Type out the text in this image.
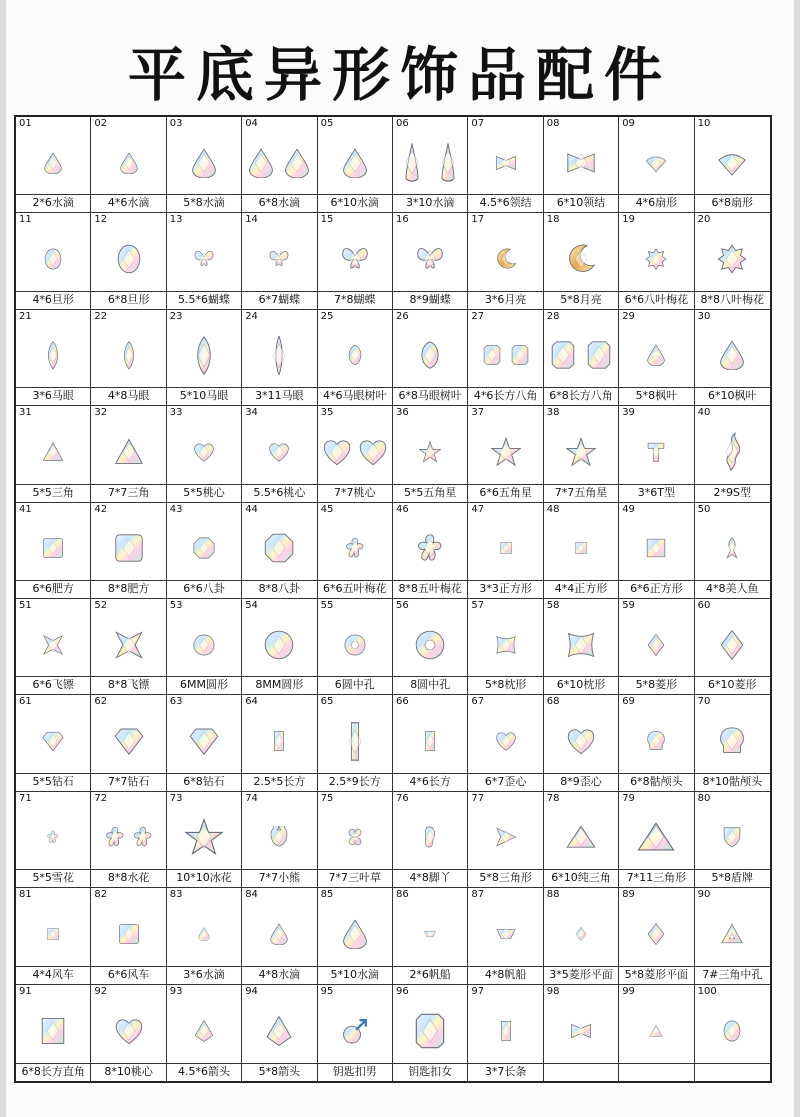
平底异形饰品配件
01
2*6水滴
02
4*6水滴
03
5*8水滴
04
6*8水滴
05
6*10水滴
06
3*10水滴
07
4.5*6领结
08
6*10领结
09
4*6扇形
10
6*8扇形
11
4*6旦形
12
6*8旦形
13
5.5*6蝴蝶
14
6*7蝴蝶
15
7*8蝴蝶
16
8*9蝴蝶
17
3*6月亮
18
5*8月亮
19
6*6八叶梅花
20
8*8八叶梅花
21
3*6马眼
22
4*8马眼
23
5*10马眼
24
3*11马眼
25
4*6马眼树叶
26
6*8马眼树叶
27
4*6长方八角
28
6*8长方八角
29
5*8枫叶
30
6*10枫叶
31
5*5三角
32
7*7三角
33
5*5桃心
34
5.5*6桃心
35
7*7桃心
36
5*5五角星
37
6*6五角星
38
7*7五角星
39
3*6T型
40
2*9S型
41
6*6肥方
42
8*8肥方
43
6*6八卦
44
8*8八卦
45
6*6五叶梅花
46
8*8五叶梅花
47
3*3正方形
48
4*4正方形
49
6*6正方形
50
4*8美人鱼
51
6*6飞镖
52
8*8飞镖
53
6MM圆形
54
8MM圆形
55
6圆中孔
56
8圆中孔
57
5*8枕形
58
6*10枕形
59
5*8菱形
60
6*10菱形
61
5*5钻石
62
7*7钻石
63
6*8钻石
64
2.5*5长方
65
2.5*9长方
66
4*6长方
67
6*7歪心
68
8*9歪心
69
6*8骷颅头
70
8*10骷颅头
71
5*5雪花
72
8*8水花
73
10*10冰花
74
7*7小熊
75
7*7三叶草
76
4*8脚丫
77
5*8三角形
78
6*10纯三角
79
7*11三角形
80
5*8盾牌
81
4*4风车
82
6*6风车
83
3*6水滴
84
4*8水滴
85
5*10水滴
86
2*6帆船
87
4*8帆船
88
3*5菱形平面
89
5*8菱形平面
90
7#三角中孔
91
6*8长方直角
92
8*10桃心
93
4.5*6箭头
94
5*8箭头
95
钥匙扣男
96
钥匙扣女
97
3*7长条
98	99	100
